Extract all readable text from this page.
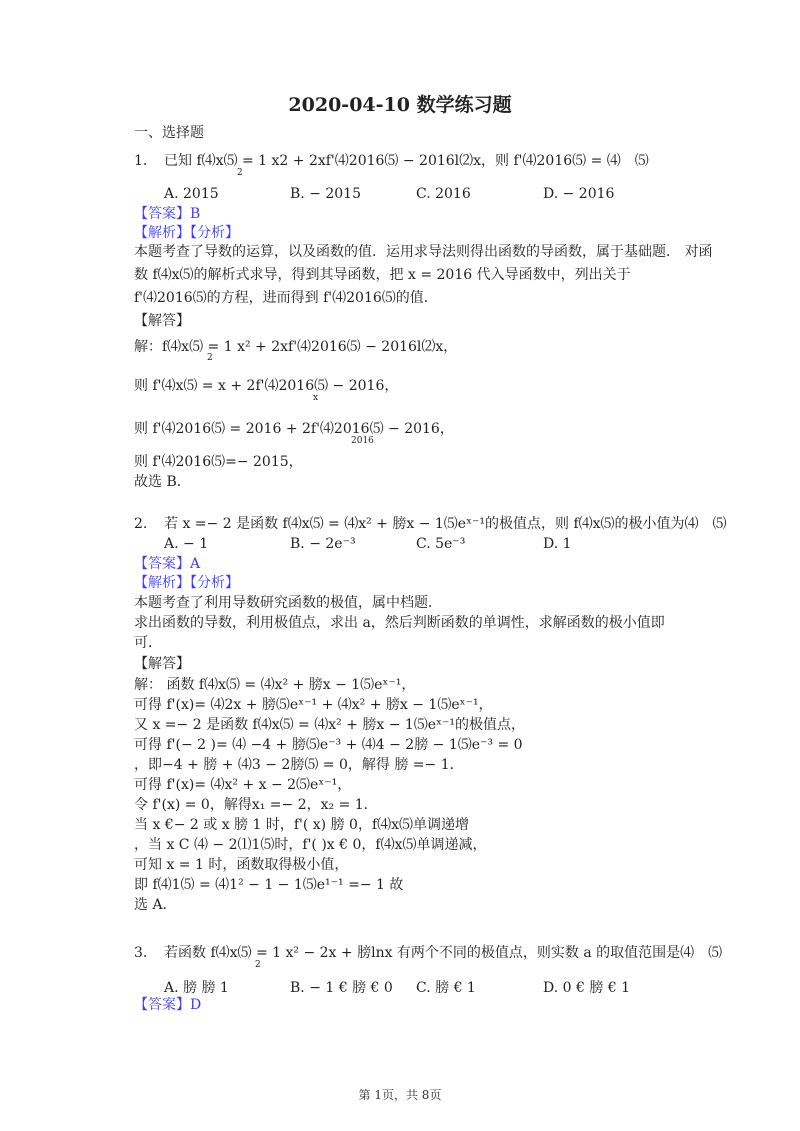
2020-04-10 数学练习题
一、选择题
1. 已知 f⑷x⑸ = 1 x2 + 2xf'⑷2016⑸ − 2016l⑵x，则 f'⑷2016⑸ = ⑷　⑸
2
A. 2015	B. − 2015	C. 2016	D. − 2016
【答案】B
【解析】【分析】
本题考查了导数的运算，以及函数的值．运用求导法则得出函数的导函数，属于基础题． 对函
数 f⑷x⑸的解析式求导，得到其导函数，把 x = 2016 代入导函数中，列出关于
f'⑷2016⑸的方程，进而得到 f'⑷2016⑸的值．
【解答】
解：f⑷x⑸ = 1 x² + 2xf'⑷2016⑸ − 2016l⑵x，
2
则 f'⑷x⑸ = x + 2f'⑷2016⑸ − 2016，
x
则 f'⑷2016⑸ = 2016 + 2f'⑷2016⑸ − 2016，
2016
则 f'⑷2016⑸=− 2015，
故选 B．
2. 若 x =− 2 是函数 f⑷x⑸ = ⑷x² + 膀x − 1⑸eˣ⁻¹的极值点，则 f⑷x⑸的极小值为⑷　⑸
A. − 1	B. − 2e⁻³	C. 5e⁻³	D. 1
【答案】A
【解析】【分析】
本题考查了利用导数研究函数的极值，属中档题．
求出函数的导数，利用极值点，求出 a，然后判断函数的单调性，求解函数的极小值即
可．
【解答】
解： 函数 f⑷x⑸ = ⑷x² + 膀x − 1⑸eˣ⁻¹，
可得 f'(x)= ⑷2x + 膀⑸eˣ⁻¹ + ⑷x² + 膀x − 1⑸eˣ⁻¹，
又 x =− 2 是函数 f⑷x⑸ = ⑷x² + 膀x − 1⑸eˣ⁻¹的极值点，
可得 f'(− 2 )= ⑷ −4 + 膀⑸e⁻³ + ⑷4 − 2膀 − 1⑸e⁻³ = 0
，即−4 + 膀 + ⑷3 − 2膀⑸ = 0，解得 膀 =− 1．
可得 f'(x)= ⑷x² + x − 2⑸eˣ⁻¹，
令 f'(x) = 0，解得x₁ =− 2，x₂ = 1．
当 x €− 2 或 x 膀 1 时，f'( x) 膀 0，f⑷x⑸单调递增
，当 x C ⑷ − 2⑴1⑸时，f'( )x € 0，f⑷x⑸单调递减，
可知 x = 1 时，函数取得极小值，
即 f⑷1⑸ = ⑷1² − 1 − 1⑸e¹⁻¹ =− 1 故
选 A．
3. 若函数 f⑷x⑸ = 1 x² − 2x + 膀lnx 有两个不同的极值点，则实数 a 的取值范围是⑷　⑸
2
A. 膀 膀 1	B. − 1 € 膀 € 0 C. 膀 € 1	D. 0 € 膀 € 1
【答案】D
第 1页，共 8页
